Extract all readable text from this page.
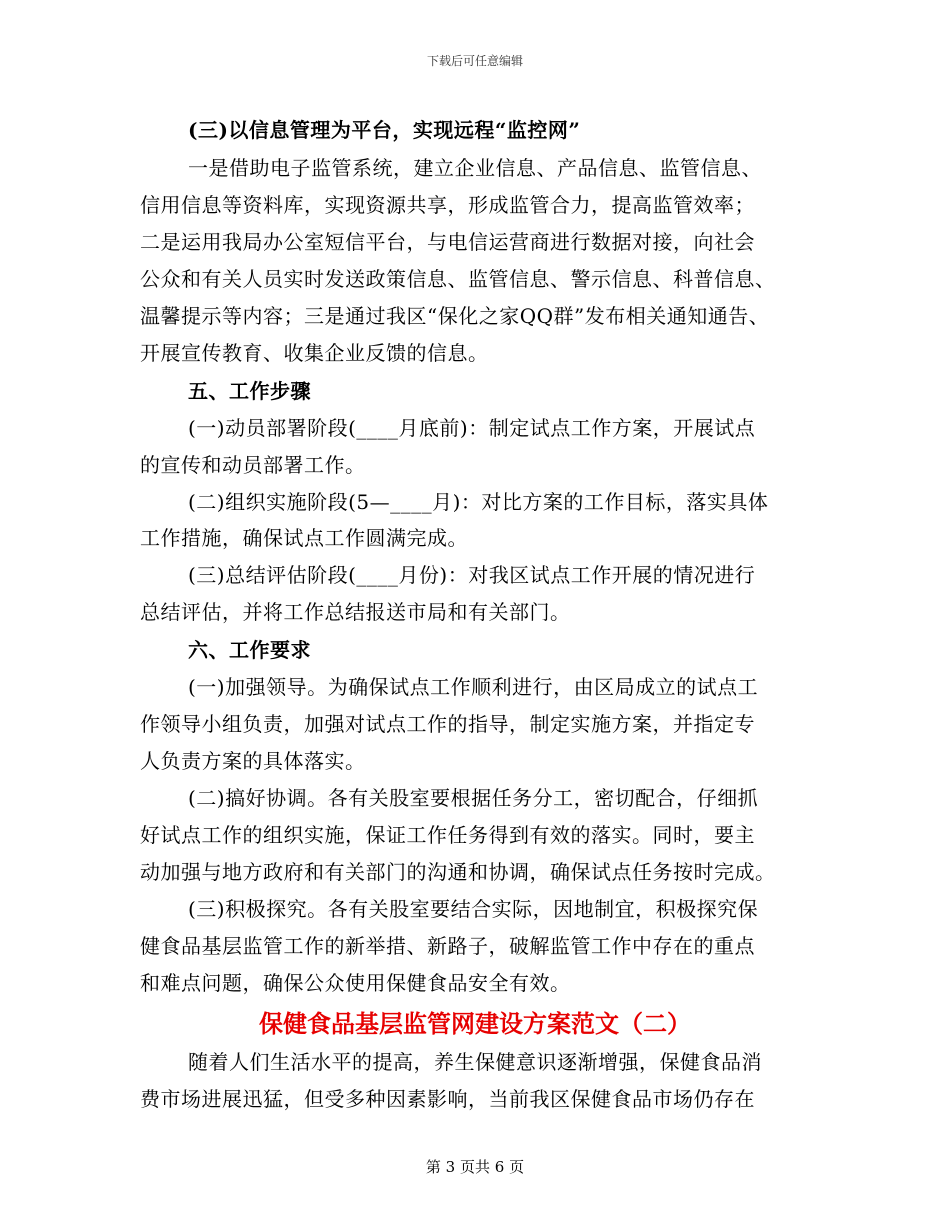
下载后可任意编辑
(三)以信息管理为平台，实现远程“监控网”
一是借助电子监管系统，建立企业信息、产品信息、监管信息、
信用信息等资料库，实现资源共享，形成监管合力，提高监管效率；
二是运用我局办公室短信平台，与电信运营商进行数据对接，向社会
公众和有关人员实时发送政策信息、监管信息、警示信息、科普信息、
温馨提示等内容；三是通过我区“保化之家QQ群”发布相关通知通告、
开展宣传教育、收集企业反馈的信息。
五、工作步骤
(一)动员部署阶段(____月底前)：制定试点工作方案，开展试点
的宣传和动员部署工作。
(二)组织实施阶段(5—____月)：对比方案的工作目标，落实具体
工作措施，确保试点工作圆满完成。
(三)总结评估阶段(____月份)：对我区试点工作开展的情况进行
总结评估，并将工作总结报送市局和有关部门。
六、工作要求
(一)加强领导。为确保试点工作顺利进行，由区局成立的试点工
作领导小组负责，加强对试点工作的指导，制定实施方案，并指定专
人负责方案的具体落实。
(二)搞好协调。各有关股室要根据任务分工，密切配合，仔细抓
好试点工作的组织实施，保证工作任务得到有效的落实。同时，要主
动加强与地方政府和有关部门的沟通和协调，确保试点任务按时完成。
(三)积极探究。各有关股室要结合实际，因地制宜，积极探究保
健食品基层监管工作的新举措、新路子，破解监管工作中存在的重点
和难点问题，确保公众使用保健食品安全有效。
保健食品基层监管网建设方案范文（二）
随着人们生活水平的提高，养生保健意识逐渐增强，保健食品消
费市场进展迅猛，但受多种因素影响，当前我区保健食品市场仍存在
第 3 页共 6 页
